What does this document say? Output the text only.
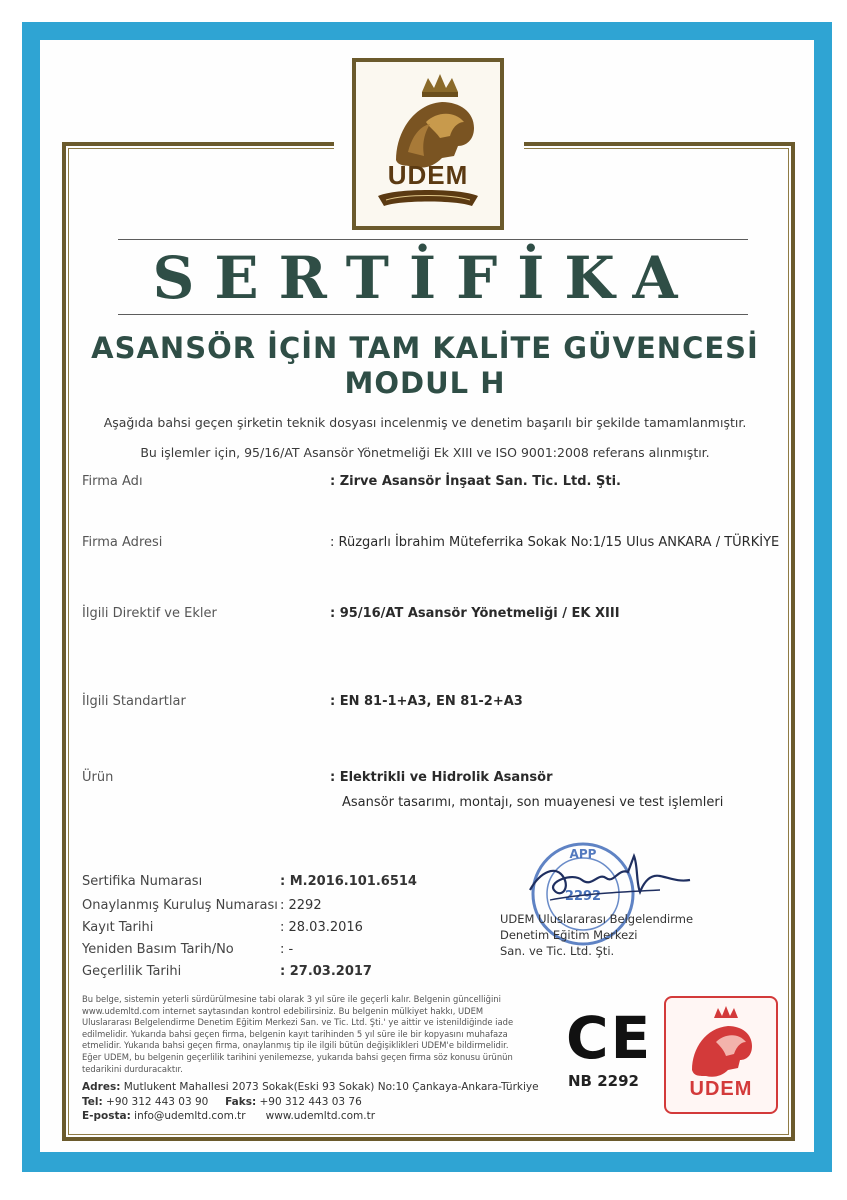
UDEM
SERTİFİKA
ASANSÖR İÇİN TAM KALİTE GÜVENCESİ
MODUL H
Aşağıda bahsi geçen şirketin teknik dosyası incelenmiş ve denetim başarılı bir şekilde tamamlanmıştır.
Bu işlemler için, 95/16/AT Asansör Yönetmeliği Ek XIII ve ISO 9001:2008 referans alınmıştır.
Firma Adı	: Zirve Asansör İnşaat San. Tic. Ltd. Şti.
Firma Adresi	: Rüzgarlı İbrahim Müteferrika Sokak No:1/15 Ulus ANKARA / TÜRKİYE
İlgili Direktif ve Ekler	: 95/16/AT Asansör Yönetmeliği / EK XIII
İlgili Standartlar	: EN 81-1+A3, EN 81-2+A3
Ürün	: Elektrikli ve Hidrolik Asansör
Asansör tasarımı, montajı, son muayenesi ve test işlemleri
Sertifika Numarası	: M.2016.101.6514
Onaylanmış Kuruluş Numarası : 2292
Kayıt Tarihi	: 28.03.2016
Yeniden Basım Tarih/No	: -
Geçerlilik Tarihi	: 27.03.2017
APP
2292
UDEM Uluslararası Belgelendirme
Denetim Eğitim Merkezi
San. ve Tic. Ltd. Şti.
Bu belge, sistemin yeterli sürdürülmesine tabi olarak 3 yıl süre ile geçerli kalır. Belgenin güncelliğini
www.udemltd.com internet saytasından kontrol edebilirsiniz. Bu belgenin mülkiyet hakkı, UDEM
Uluslararası Belgelendirme Denetim Eğitim Merkezi San. ve Tic. Ltd. Şti.' ye aittir ve istenildiğinde iade
edilmelidir. Yukarıda bahsi geçen firma, belgenin kayıt tarihinden 5 yıl süre ile bir kopyasını muhafaza
etmelidir. Yukarıda bahsi geçen firma, onaylanmış tip ile ilgili bütün değişiklikleri UDEM'e bildirmelidir.
Eğer UDEM, bu belgenin geçerlilik tarihini yenilemezse, yukarıda bahsi geçen firma söz konusu ürünün
tedarikini durduracaktır.
Adres: Mutlukent Mahallesi 2073 Sokak(Eski 93 Sokak) No:10 Çankaya-Ankara-Türkiye
Tel: +90 312 443 03 90 Faks: +90 312 443 03 76
E-posta: info@udemltd.com.tr www.udemltd.com.tr
CE
NB 2292	UDEM
